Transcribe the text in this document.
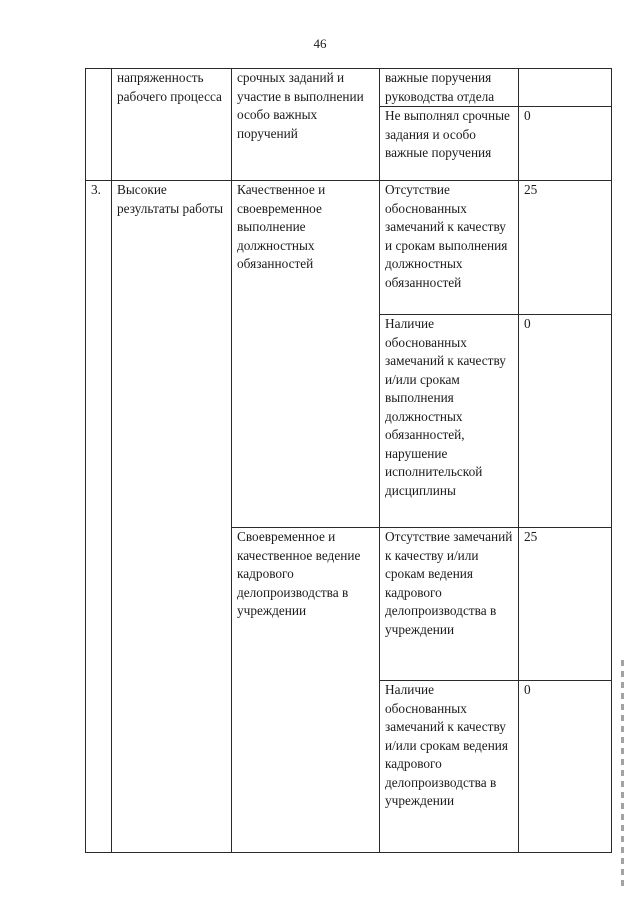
46

	напряженность рабочего процесса	срочных заданий и участие в выполнении особо важных поручений	важные поручения руководства отдела	

			Не выполнял срочные задания и особо важные поручения	0

3.	Высокие результаты работы	Качественное и своевременное выполнение должностных обязанностей	Отсутствие обоснованных замечаний к качеству и срокам выполнения должностных обязанностей	25

			Наличие обоснованных замечаний к качеству и/или срокам выполнения должностных обязанностей, нарушение исполнительской дисциплины	0

		Своевременное и качественное ведение кадрового делопроизводства в учреждении	Отсутствие замечаний к качеству и/или срокам ведения кадрового делопроизводства в учреждении	25

			Наличие обоснованных замечаний к качеству и/или срокам ведения кадрового делопроизводства в учреждении	0
